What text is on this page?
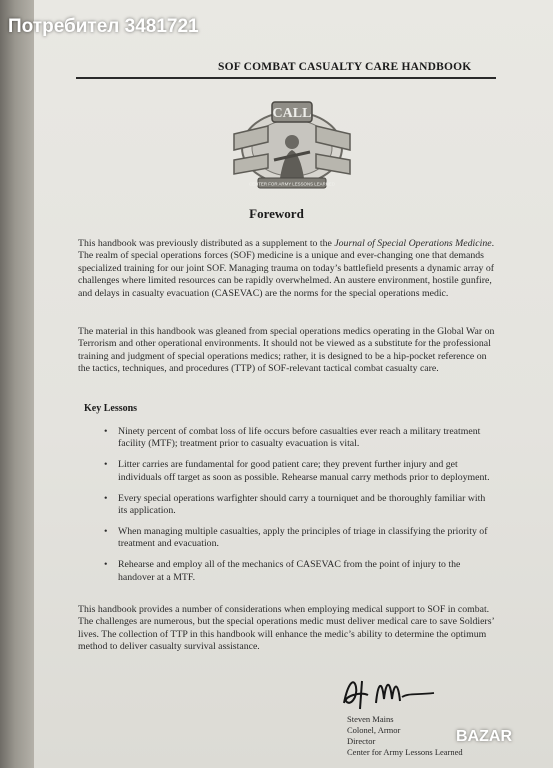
Потребител 3481721
SOF COMBAT CASUALTY CARE HANDBOOK
CALL
CENTER FOR ARMY LESSONS LEARNED
Foreword

This handbook was previously distributed as a supplement to the Journal of Special Operations Medicine. The realm of special operations forces (SOF) medicine is a unique and ever-changing one that demands specialized training for our joint SOF. Managing trauma on today’s battlefield presents a dynamic array of challenges where limited resources can be rapidly overwhelmed. An austere environment, hostile gunfire, and delays in casualty evacuation (CASEVAC) are the norms for the special operations medic.

The material in this handbook was gleaned from special operations medics operating in the Global War on Terrorism and other operational environments. It should not be viewed as a substitute for the professional training and judgment of special operations medics; rather, it is designed to be a hip-pocket reference on the tactics, techniques, and procedures (TTP) of SOF-relevant tactical combat casualty care.

Key Lessons
• Ninety percent of combat loss of life occurs before casualties ever reach a military treatment facility (MTF); treatment prior to casualty evacuation is vital.
• Litter carries are fundamental for good patient care; they prevent further injury and get individuals off target as soon as possible. Rehearse manual carry methods prior to deployment.
• Every special operations warfighter should carry a tourniquet and be thoroughly familiar with its application.
• When managing multiple casualties, apply the principles of triage in classifying the priority of treatment and evacuation.
• Rehearse and employ all of the mechanics of CASEVAC from the point of injury to the handover at a MTF.

This handbook provides a number of considerations when employing medical support to SOF in combat. The challenges are numerous, but the special operations medic must deliver medical care to save Soldiers’ lives. The collection of TTP in this handbook will enhance the medic’s ability to determine the optimum method to deliver casualty survival assistance.

Steven Mains
Colonel, Armor
Director
Center for Army Lessons Learned
BAZAR
